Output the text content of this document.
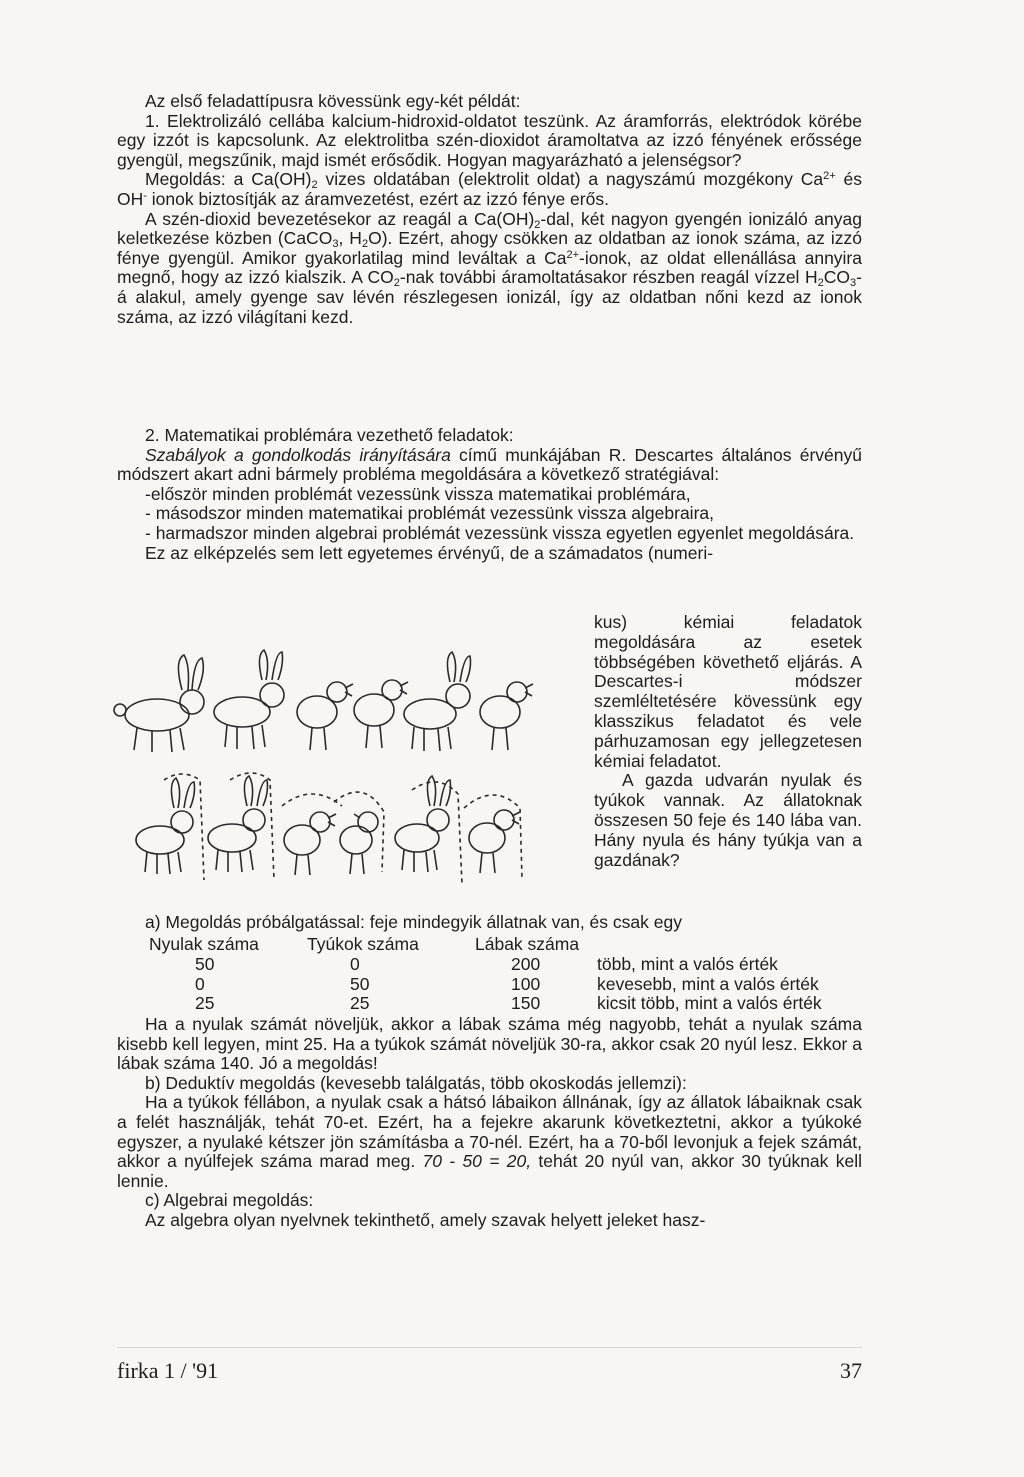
Az első feladattípusra kövessünk egy-két példát:

1. Elektrolizáló cellába kalcium-hidroxid-oldatot teszünk. Az áramforrás, elektródok körébe egy izzót is kapcsolunk. Az elektrolitba szén-dioxidot áramoltatva az izzó fényének erőssége gyengül, megszűnik, majd ismét erősődik. Hogyan magyarázható a jelenségsor?

Megoldás: a $Ca(OH)_2$ vizes oldatában (elektrolit oldat) a nagyszámú mozgékony $Ca^{2+}$ és OH- ionok biztosítják az áramvezetést, ezért az izzó fénye erős.

A szén-dioxid bevezetésekor az reagál a $Ca(OH)_2$-dal, két nagyon gyengén ionizáló anyag keletkezése közben (CaCO$_3$, $H_2O$). Ezért, ahogy csökken az oldatban az ionok száma, az izzó fénye gyengül. Amikor gyakorlatilag mind leváltak a $Ca^{2+}$-ionok, az oldat ellenállása annyira megnő, hogy az izzó kialszik. A $CO_2$-nak további áramoltatásakor részben reagál vízzel $H_2CO_3-á$ alakul, amely gyenge sav lévén részlegesen ionizál, így az oldatban nőni kezd az ionok száma, az izzó világítani kezd.

2. Matematikai problémára vezethető feladatok:

Szabályok a gondolkodás irányítására című munkájában R. Descartes általános érvényű módszert akart adni bármely probléma megoldására a következő stratégiával:

-először minden problémát vezessünk vissza matematikai problémára,

- másodszor minden matematikai problémát vezessünk vissza algebraira,

- harmadszor minden algebrai problémát vezessünk vissza egyetlen egyenlet megoldására.

Ez az elképzelés sem lett egyetemes érvényű, de a számadatos (numeri-

kus) kémiai feladatok megoldására az esetek többségében követhető eljárás. A Descartes-i módszer szemléltetésére kövessünk egy klasszikus feladatot és vele párhuzamosan egy jellegzetesen kémiai feladatot.

A gazda udvarán nyulak és tyúkok vannak. Az állatoknak összesen 50 feje és 140 lába van. Hány nyula és hány tyúkja van a gazdának?

a) Megoldás próbálgatással: feje mindegyik állatnak van, és csak egy

Nyulak száma	Tyúkok száma	Lábak száma
50	0	200	több, mint a valós érték
0	50	100	kevesebb, mint a valós érték
25	25	150	kicsit több, mint a valós érték

Ha a nyulak számát növeljük, akkor a lábak száma még nagyobb, tehát a nyulak száma kisebb kell legyen, mint 25. Ha a tyúkok számát növeljük 30-ra, akkor csak 20 nyúl lesz. Ekkor a lábak száma 140. Jó a megoldás!

b) Deduktív megoldás (kevesebb találgatás, több okoskodás jellemzi):

Ha a tyúkok féllábon, a nyulak csak a hátsó lábaikon állnának, így az állatok lábaiknak csak a felét használják, tehát 70-et. Ezért, ha a fejekre akarunk következtetni, akkor a tyúkoké egyszer, a nyulaké kétszer jön számításba a 70-nél. Ezért, ha a 70-ből levonjuk a fejek számát, akkor a nyúlfejek száma marad meg. 70 - 50 = 20, tehát 20 nyúl van, akkor 30 tyúknak kell lennie.

c) Algebrai megoldás:

Az algebra olyan nyelvnek tekinthető, amely szavak helyett jeleket hasz-

firka 1 / '91	37
